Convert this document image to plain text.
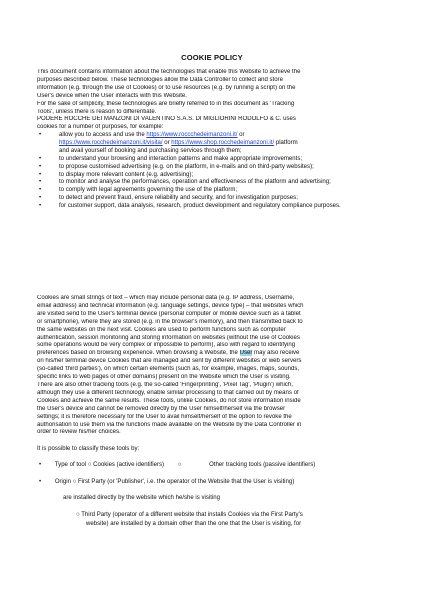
COOKIE POLICY
This document contains information about the technologies that enable this Website to achieve the
purposes described below. These technologies allow the Data Controller to collect and store
information (e.g. through the use of Cookies) or to use resources (e.g. by running a script) on the
User's device when the User interacts with this Website.
For the sake of simplicity, these technologies are briefly referred to in this document as 'Tracking
Tools', unless there is reason to differentiate.
PODERE ROCCHE DEI MANZONI DI VALENTINO S.A.S. DI MIGLIORINI RODOLFO & C. uses
cookies for a number of purposes, for example:
•	allow you to access and use the https://www.roccchedeimanzoni.it/ or
https://www.rocchedeimanzoni.it/visita/ or https://www.shop.rocchedeimanzoni.it/ platform
and avail yourself of booking and purchasing services through them;
•	to understand your browsing and interaction patterns and make appropriate improvements;
•	to propose customised advertising (e.g. on the platform, in e-mails and on third-party websites);
•	to display more relevant content (e.g. advertising);
•	to monitor and analyse the performances, operation and effectiveness of the platform and advertising;
•	to comply with legal agreements governing the use of the platform;
•	to detect and prevent fraud, ensure reliability and security, and for investigation purposes;
•	for customer support, data analysis, research, product development and regulatory compliance purposes.
Cookies are small strings of text – which may include personal data (e.g. IP address, Username,
email address) and technical information (e.g. language settings, device type) – that websites which
are visited send to the User's terminal device (personal computer or mobile device such as a tablet
or smartphone), where they are stored (e.g. in the browser's memory), and then transmitted back to
the same websites on the next visit. Cookies are used to perform functions such as computer
authentication, session monitoring and storing information on websites (without the use of Cookies
some operations would be very complex or impossible to perform), also with regard to identifying
preferences based on browsing experience. When browsing a Website, the User may also receive
on his/her terminal device Cookies that are managed and sent by different websites or web servers
(so-called 'third parties'), on which certain elements (such as, for example, images, maps, sounds,
specific links to web pages of other domains) present on the Website which the User is visiting.
There are also other tracking tools (e.g. the so-called 'Fingerprinting', 'Pixel Tag', 'Plugin') which,
although they use a different technology, enable similar processing to that carried out by means of
Cookies and achieve the same results. These tools, unlike Cookies, do not store information inside
the User's device and cannot be removed directly by the User himself/herself via the browser
settings; it is therefore necessary for the User to avail himself/herself of the option to revoke the
authorisation to use them via the functions made available on the Website by the Data Controller in
order to review his/her choices.
It is possible to classify these tools by:
• Type of tool ○ Cookies (active identifiers) ○	Other tracking tools (passive identifiers)
• Origin ○ First Party (or 'Publisher', i.e. the operator of the Website that the User is visiting)
are installed directly by the website which he/she is visiting
○ Third Party (operator of a different website that installs Cookies via the First Party's
website) are installed by a domain other than the one that the User is visiting, for
